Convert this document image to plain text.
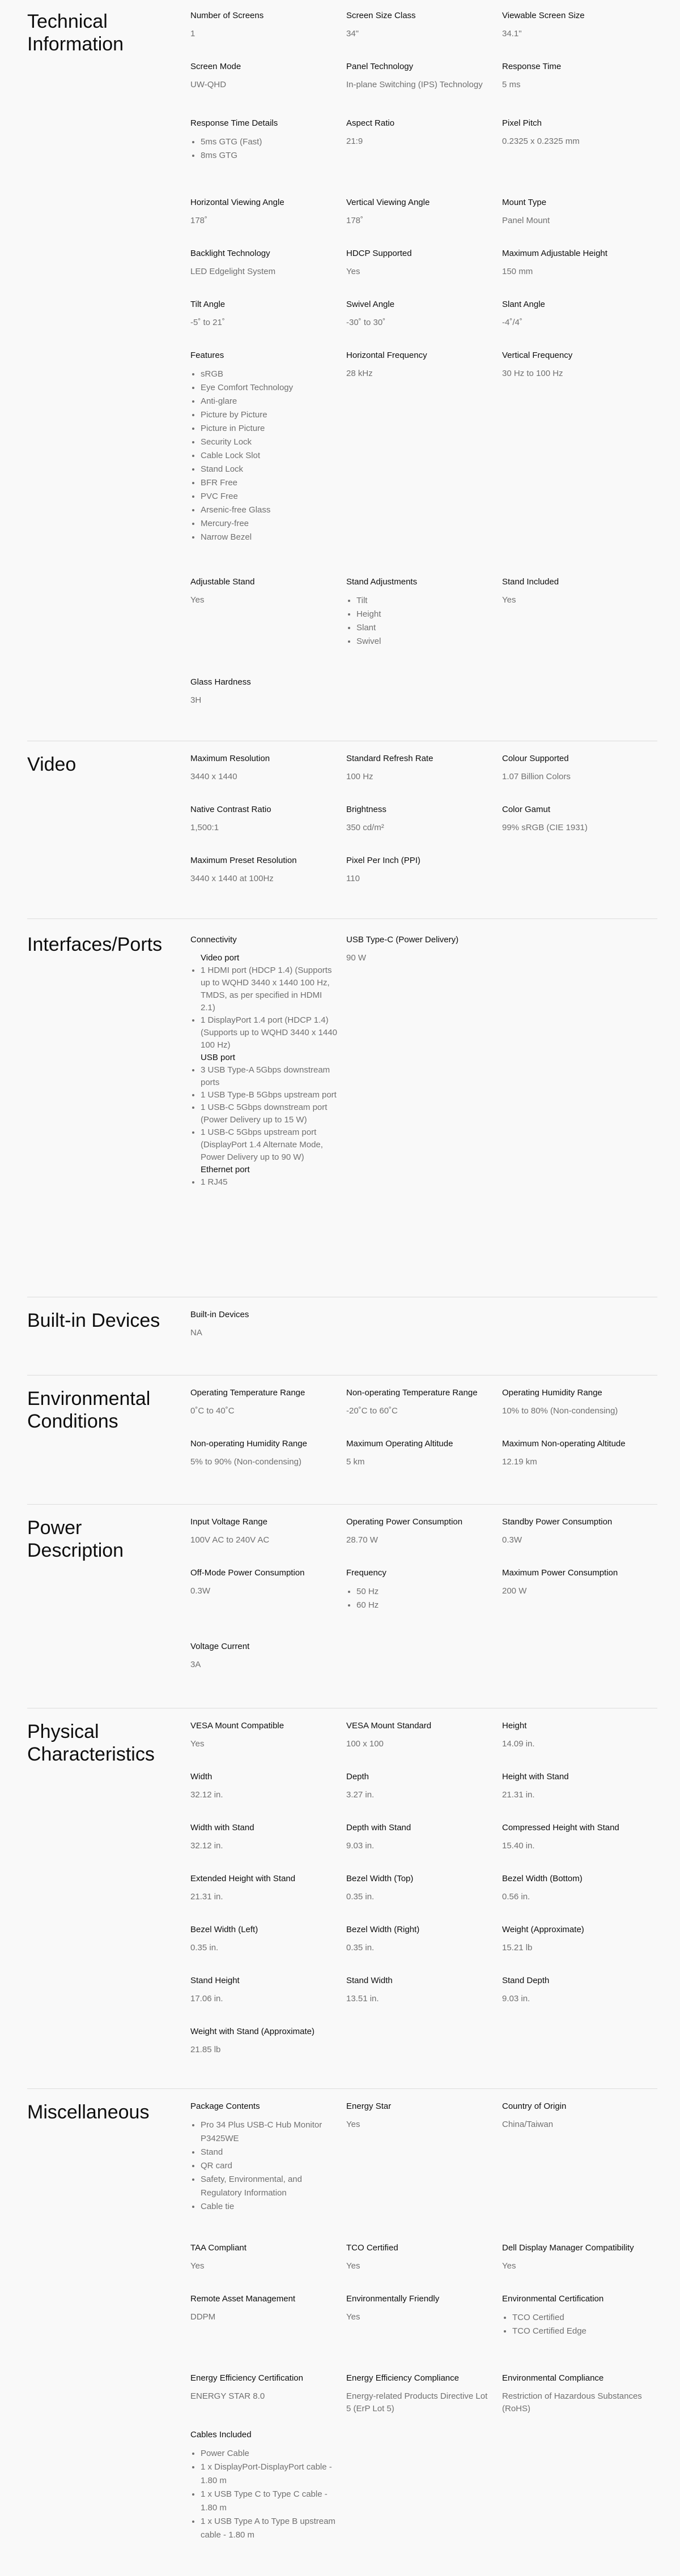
Technical Information
Video
Interfaces/Ports	Connectivity

Video port

• 1 HDMI port (HDCP 1.4) (Supports up to WQHD 3440 x 1440 100 Hz, TMDS, as per specified in HDMI 2.1)
• 1 DisplayPort 1.4 port (HDCP 1.4) (Supports up to WQHD 3440 x 1440 100 Hz)

USB port

• 3 USB Type-A 5Gbps downstream ports
• 1 USB Type-B 5Gbps upstream port
• 1 USB-C 5Gbps downstream port (Power Delivery up to 15 W)
• 1 USB-C 5Gbps upstream port (DisplayPort 1.4 Alternate Mode, Power Delivery up to 90 W)

Ethernet port

• 1 RJ45

USB Type-C (Power Delivery)

90 W

Built-in Devices
Environmental Conditions
Power Description
Physical Characteristics
Miscellaneous

Number of Screens

1

Screen Size Class

34"

Viewable Screen Size

34.1"

Screen Mode

UW-QHD

Panel Technology

In-plane Switching (IPS) Technology

Response Time

5 ms

Response Time Details

• 5ms GTG (Fast)
• 8ms GTG

Aspect Ratio

21:9

Pixel Pitch

0.2325 x 0.2325 mm

Horizontal Viewing Angle

178˚

Vertical Viewing Angle

178˚

Mount Type

Panel Mount

Backlight Technology

LED Edgelight System

HDCP Supported

Yes

Maximum Adjustable Height

150 mm

Tilt Angle

-5˚ to 21˚

Swivel Angle

-30˚ to 30˚

Slant Angle

-4˚/4˚

Features

• sRGB
• Eye Comfort Technology
• Anti-glare
• Picture by Picture
• Picture in Picture
• Security Lock
• Cable Lock Slot
• Stand Lock
• BFR Free
• PVC Free
• Arsenic-free Glass
• Mercury-free
• Narrow Bezel

Horizontal Frequency

28 kHz

Vertical Frequency

30 Hz to 100 Hz

Adjustable Stand

Yes

Stand Adjustments

• Tilt
• Height
• Slant
• Swivel

Stand Included

Yes

Glass Hardness

3H

Maximum Resolution

3440 x 1440

Standard Refresh Rate

100 Hz

Colour Supported

1.07 Billion Colors

Native Contrast Ratio

1,500:1

Brightness

350 cd/m²

Color Gamut

99% sRGB (CIE 1931)

Maximum Preset Resolution

3440 x 1440 at 100Hz

Pixel Per Inch (PPI)

110

Built-in Devices

NA

Operating Temperature Range

0˚C to 40˚C

Non-operating Temperature Range

-20˚C to 60˚C

Operating Humidity Range

10% to 80% (Non-condensing)

Non-operating Humidity Range

5% to 90% (Non-condensing)

Maximum Operating Altitude

5 km

Maximum Non-operating Altitude

12.19 km

Input Voltage Range

100V AC to 240V AC

Operating Power Consumption

28.70 W

Standby Power Consumption

0.3W

Off-Mode Power Consumption

0.3W

Frequency

• 50 Hz
• 60 Hz

Maximum Power Consumption

200 W

Voltage Current

3A

VESA Mount Compatible

Yes

VESA Mount Standard

100 x 100

Height

14.09 in.

Width

32.12 in.

Depth

3.27 in.

Height with Stand

21.31 in.

Width with Stand

32.12 in.

Depth with Stand

9.03 in.

Compressed Height with Stand

15.40 in.

Extended Height with Stand

21.31 in.

Bezel Width (Top)

0.35 in.

Bezel Width (Bottom)

0.56 in.

Bezel Width (Left)

0.35 in.

Bezel Width (Right)

0.35 in.

Weight (Approximate)

15.21 lb

Stand Height

17.06 in.

Stand Width

13.51 in.

Stand Depth

9.03 in.

Weight with Stand (Approximate)

21.85 lb

Package Contents

• Pro 34 Plus USB-C Hub Monitor P3425WE
• Stand
• QR card
• Safety, Environmental, and Regulatory Information
• Cable tie

Energy Star

Yes

Country of Origin

China/Taiwan

TAA Compliant

Yes

TCO Certified

Yes

Dell Display Manager Compatibility

Yes

Remote Asset Management

DDPM

Environmentally Friendly

Yes

Environmental Certification

• TCO Certified
• TCO Certified Edge

Energy Efficiency Certification

ENERGY STAR 8.0

Energy Efficiency Compliance

Energy-related Products Directive Lot 5 (ErP Lot 5)

Environmental Compliance

Restriction of Hazardous Substances (RoHS)

Cables Included

• Power Cable
• 1 x DisplayPort-DisplayPort cable - 1.80 m
• 1 x USB Type C to Type C cable - 1.80 m
• 1 x USB Type A to Type B upstream cable - 1.80 m
